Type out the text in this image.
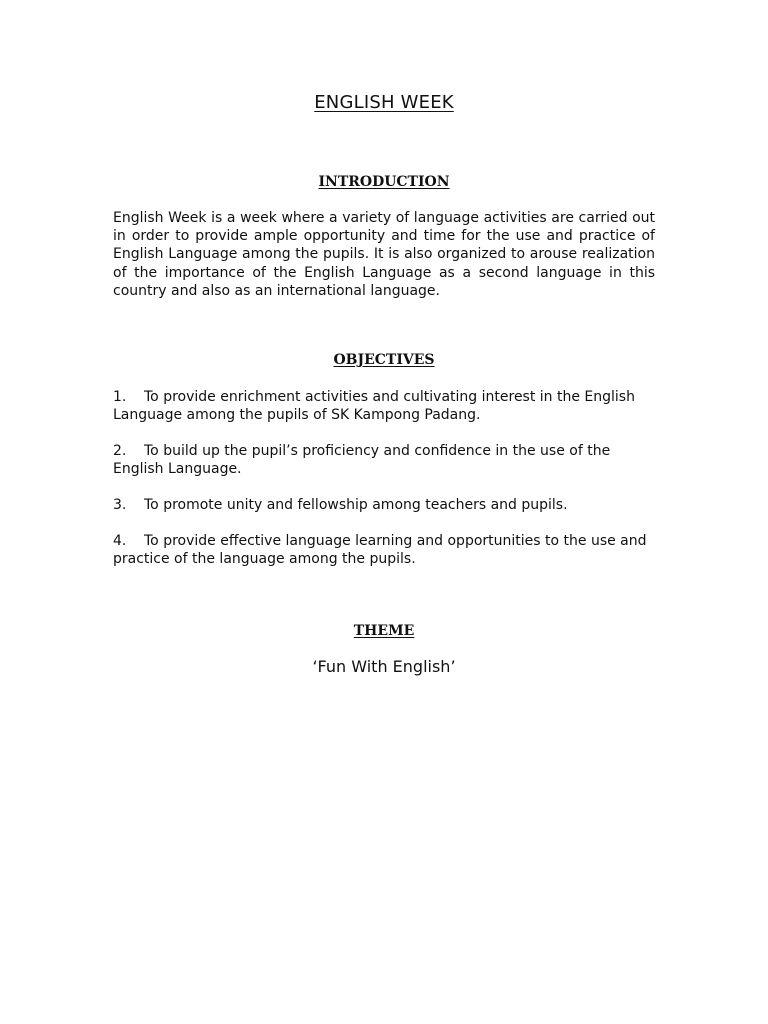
ENGLISH WEEK
INTRODUCTION

English Week is a week where a variety of language activities are carried out in order to provide ample opportunity and time for the use and practice of English Language among the pupils. It is also organized to arouse realization of the importance of the English Language as a second language in this country and also as an international language.

OBJECTIVES
1. To provide enrichment activities and cultivating interest in the English Language among the pupils of SK Kampong Padang.
2. To build up the pupil’s proficiency and confidence in the use of the English Language.
3. To promote unity and fellowship among teachers and pupils.
4. To provide effective language learning and opportunities to the use and practice of the language among the pupils.
THEME

‘Fun With English’
